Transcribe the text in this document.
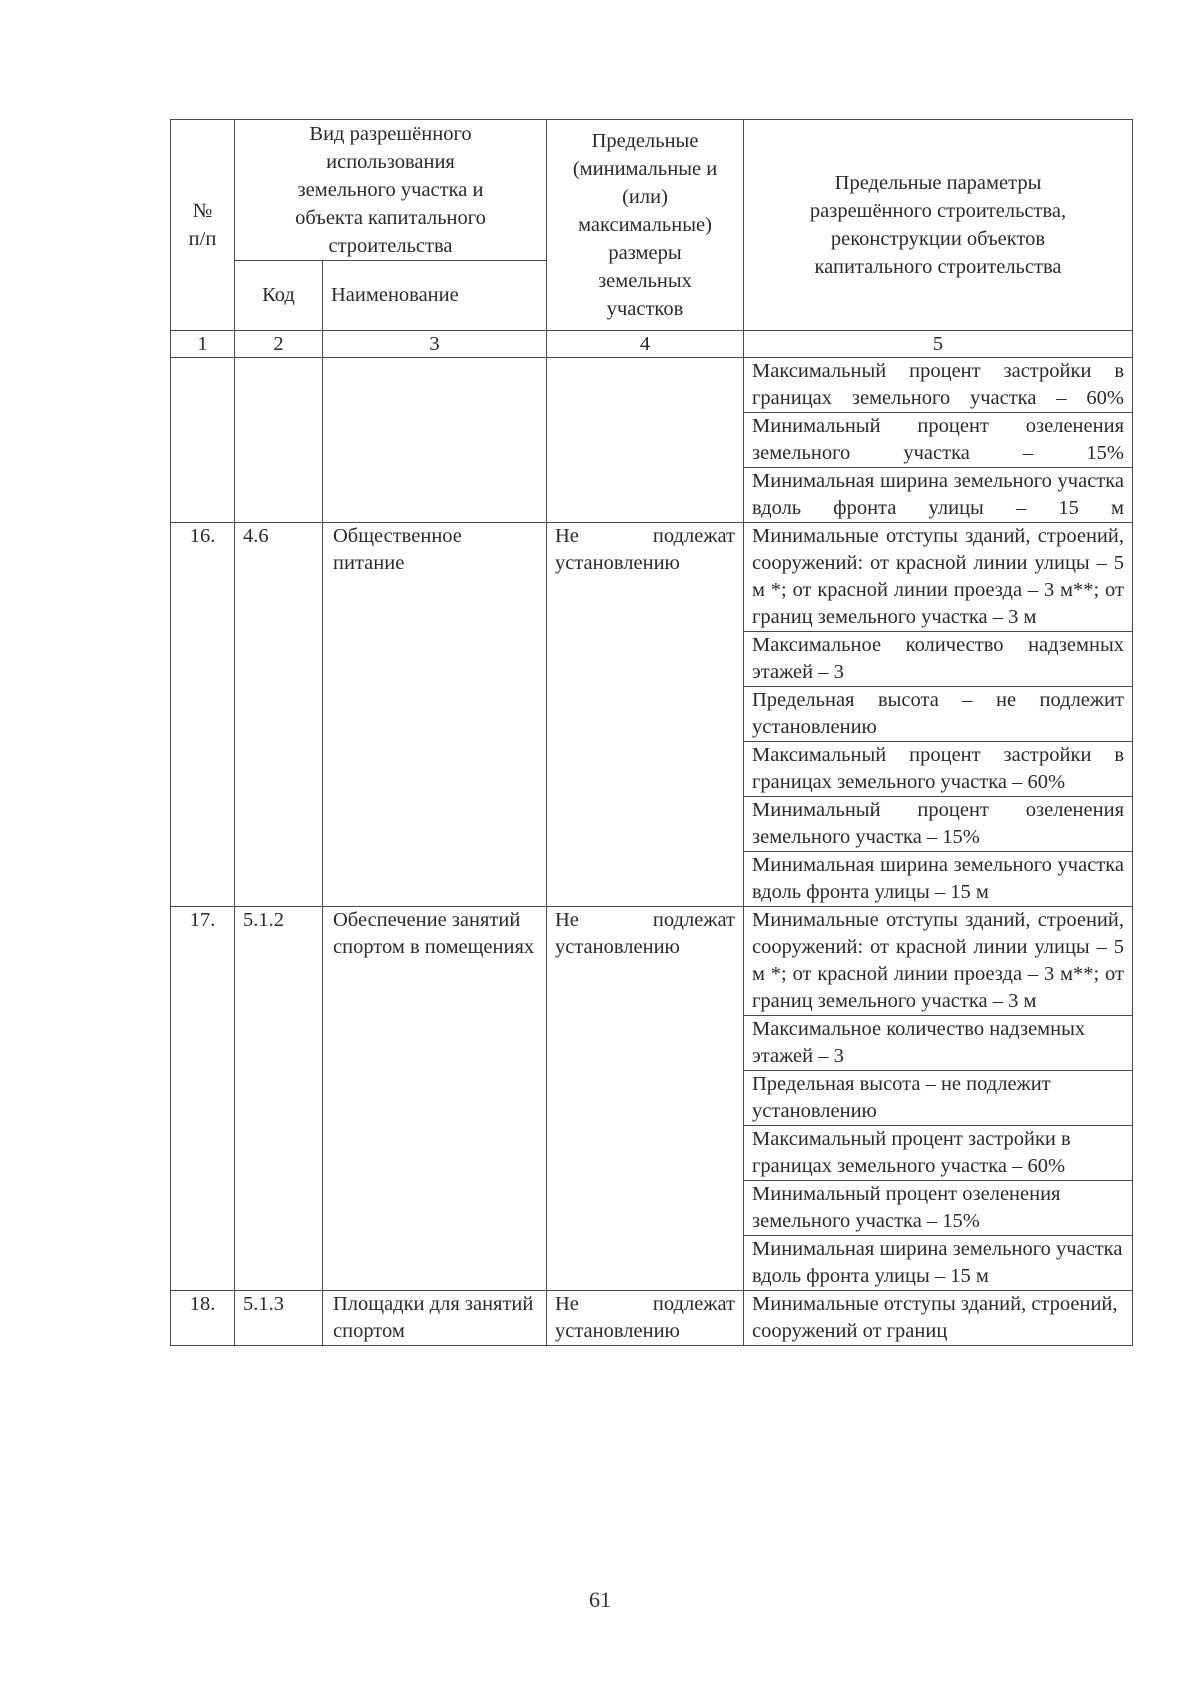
№ п/п	Вид разрешённого использования земельного участка и объекта капитального строительства		Предельные (минимальные и (или) максимальные) размеры земельных участков	Предельные параметры разрешённого строительства, реконструкции объектов капитального строительства
	Код	Наименование		
1	2	3	4	5

				Максимальный процент застройки в границах земельного участка – 60%

				Минимальный процент озеленения земельного участка – 15%

				Минимальная ширина земельного участка вдоль фронта улицы – 15 м

16.	4.6	Общественное питание	Не подлежат установлению	Минимальные отступы зданий, строений, сооружений: от красной линии улицы – 5 м *; от красной линии проезда – 3 м**; от границ земельного участка – 3 м

				Максимальное количество надземных этажей – 3

				Предельная высота – не подлежит установлению

				Максимальный процент застройки в границах земельного участка – 60%

				Минимальный процент озеленения земельного участка – 15%

				Минимальная ширина земельного участка вдоль фронта улицы – 15 м

17.	5.1.2	Обеспечение занятий спортом в помещениях	Не подлежат установлению	Минимальные отступы зданий, строений, сооружений: от красной линии улицы – 5 м *; от красной линии проезда – 3 м**; от границ земельного участка – 3 м

				Максимальное количество надземных этажей – 3

				Предельная высота – не подлежит установлению

				Максимальный процент застройки в границах земельного участка – 60%

				Минимальный процент озеленения земельного участка – 15%

				Минимальная ширина земельного участка вдоль фронта улицы – 15 м

18.	5.1.3	Площадки для занятий спортом	Не подлежат установлению	Минимальные отступы зданий, строений, сооружений от границ
61
